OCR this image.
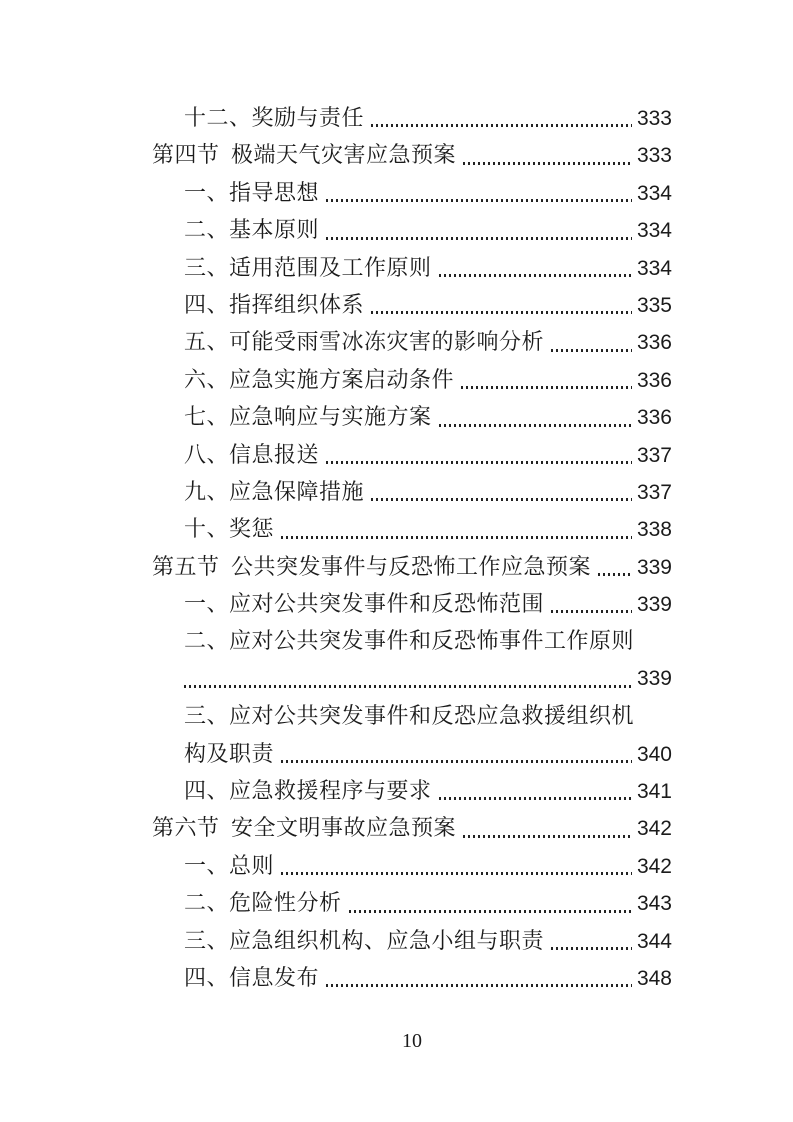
十二、奖励与责任	333
第四节 极端天气灾害应急预案	333
一、指导思想	334
二、基本原则	334
三、适用范围及工作原则	334
四、指挥组织体系	335
五、可能受雨雪冰冻灾害的影响分析	336
六、应急实施方案启动条件	336
七、应急响应与实施方案	336
八、信息报送	337
九、应急保障措施	337
十、奖惩	338
第五节 公共突发事件与反恐怖工作应急预案 339
一、应对公共突发事件和反恐怖范围	339
二、应对公共突发事件和反恐怖事件工作原则
339
三、应对公共突发事件和反恐应急救援组织机
构及职责	340
四、应急救援程序与要求	341
第六节 安全文明事故应急预案	342
一、总则	342
二、危险性分析	343
三、应急组织机构、应急小组与职责	344
四、信息发布	348
10
